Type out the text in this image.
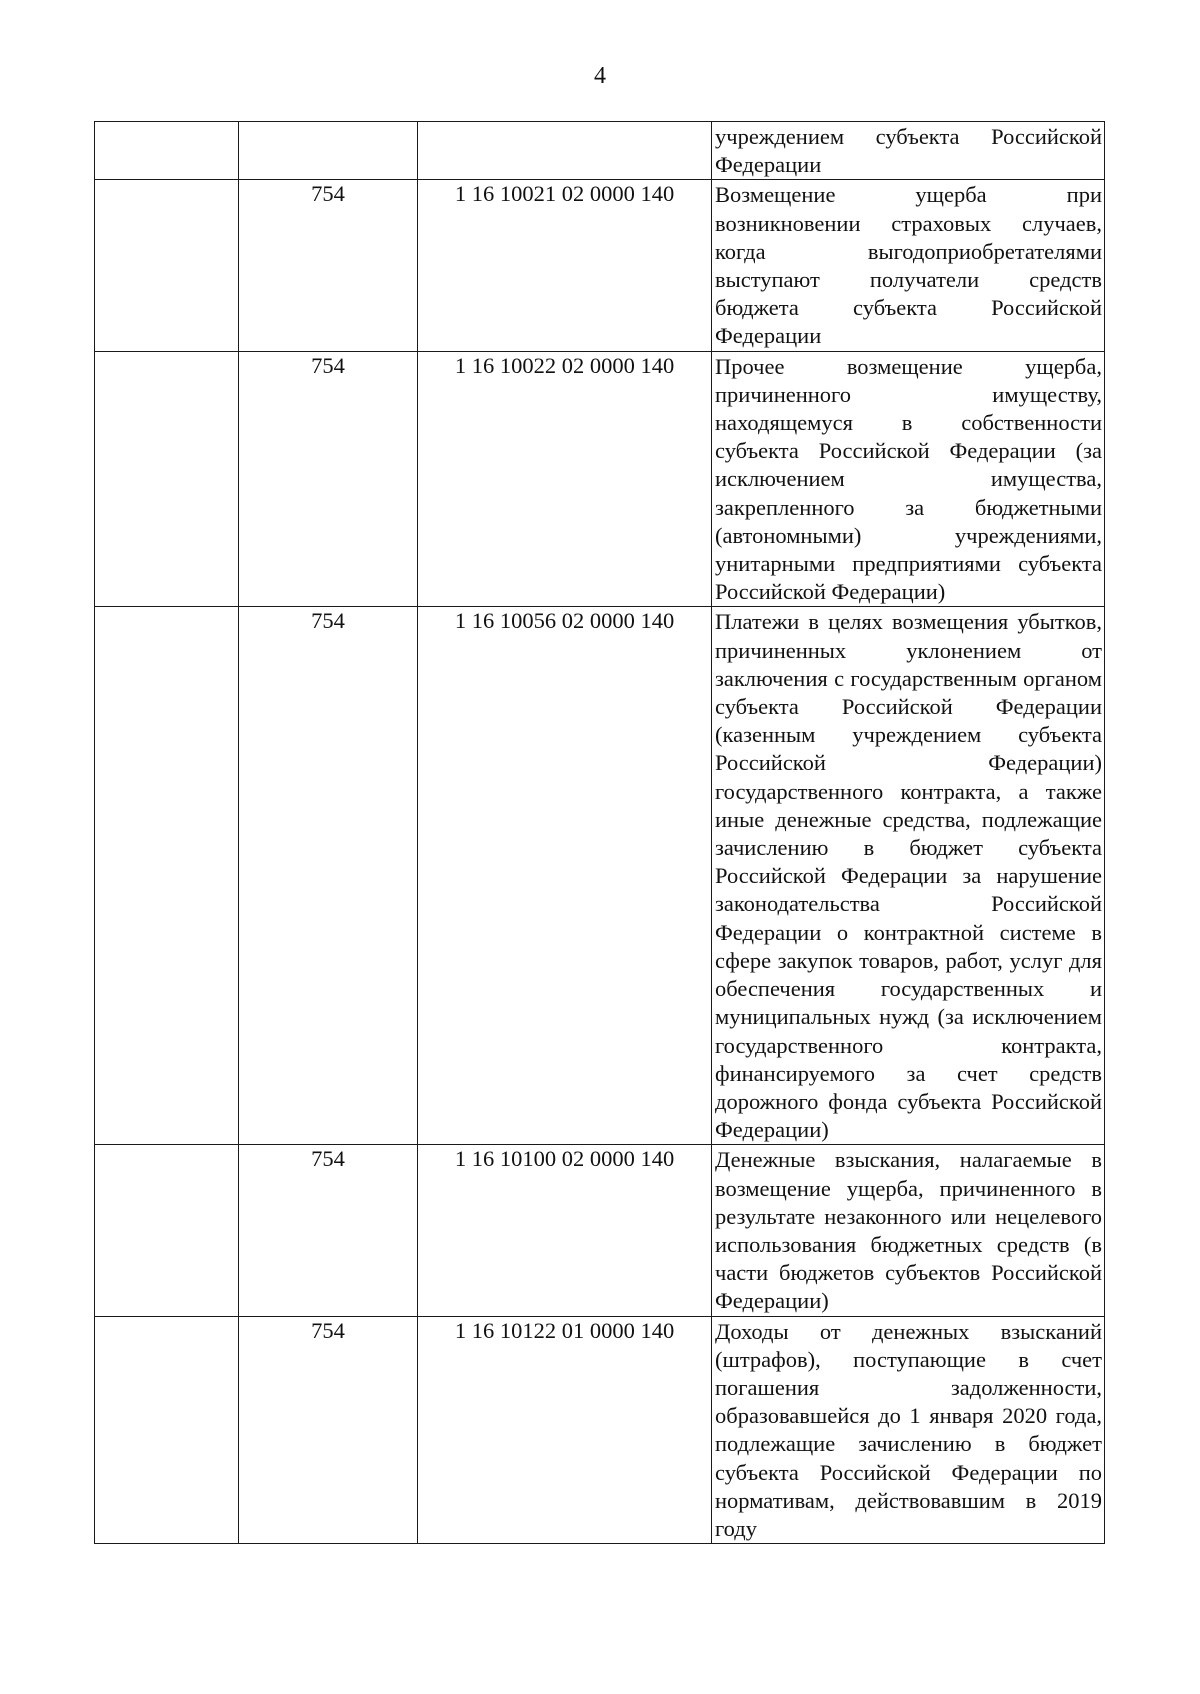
4

			учреждением субъекта Российской Федерации

	754	1 16 10021 02 0000 140	Возмещение ущерба при возникновении страховых случаев, когда выгодоприобретателями выступают получатели средств бюджета субъекта Российской Федерации

	754	1 16 10022 02 0000 140	Прочее возмещение ущерба, причиненного имуществу, находящемуся в собственности субъекта Российской Федерации (за исключением имущества, закрепленного за бюджетными (автономными) учреждениями, унитарными предприятиями субъекта Российской Федерации)

	754	1 16 10056 02 0000 140	Платежи в целях возмещения убытков, причиненных уклонением от заключения с государственным органом субъекта Российской Федерации (казенным учреждением субъекта Российской Федерации) государственного контракта, а также иные денежные средства, подлежащие зачислению в бюджет субъекта Российской Федерации за нарушение законодательства Российской Федерации о контрактной системе в сфере закупок товаров, работ, услуг для обеспечения государственных и муниципальных нужд (за исключением государственного контракта, финансируемого за счет средств дорожного фонда субъекта Российской Федерации)

	754	1 16 10100 02 0000 140	Денежные взыскания, налагаемые в возмещение ущерба, причиненного в результате незаконного или нецелевого использования бюджетных средств (в части бюджетов субъектов Российской Федерации)

	754	1 16 10122 01 0000 140	Доходы от денежных взысканий (штрафов), поступающие в счет погашения задолженности, образовавшейся до 1 января 2020 года, подлежащие зачислению в бюджет субъекта Российской Федерации по нормативам, действовавшим в 2019 году
